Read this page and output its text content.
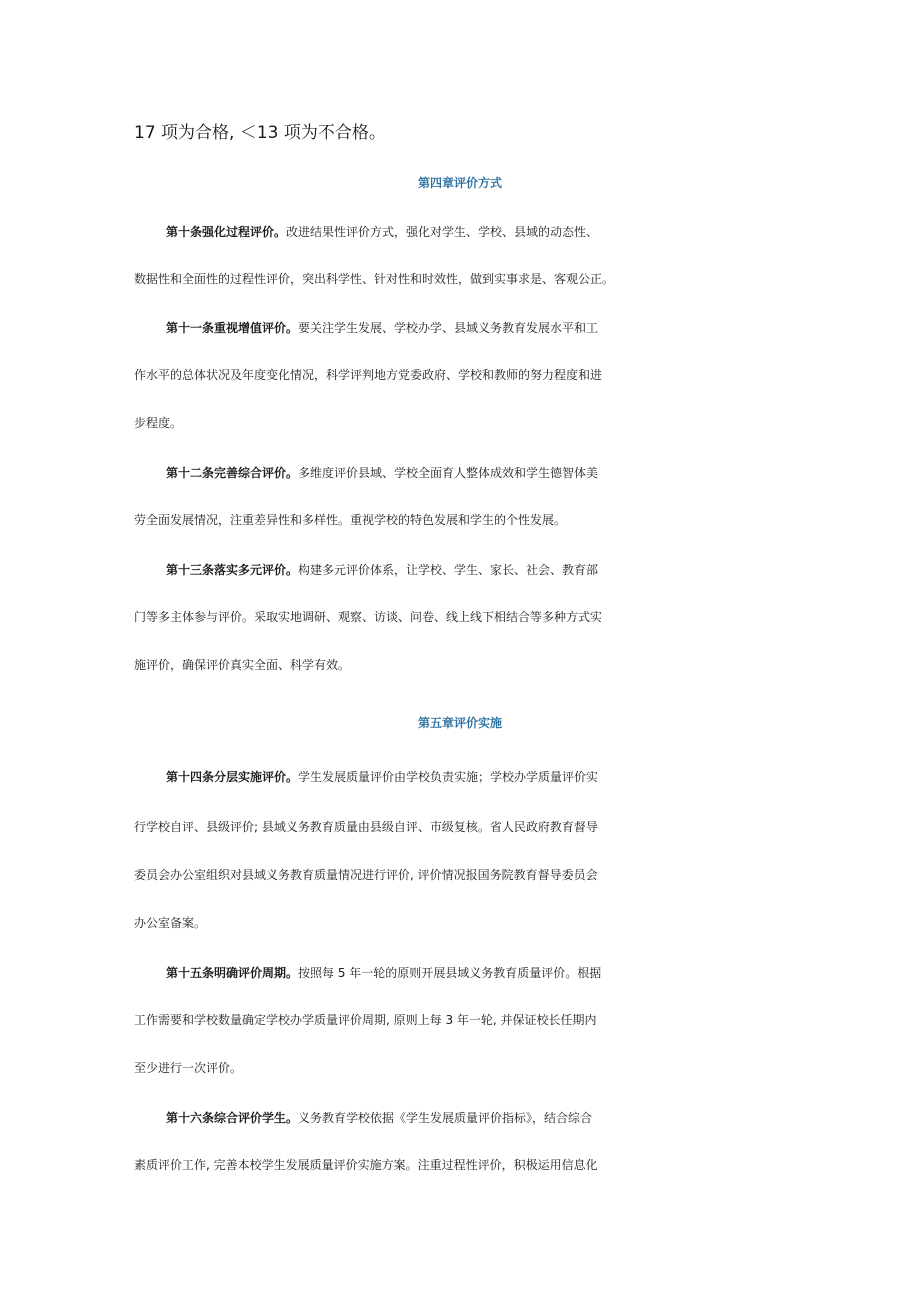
17 项为合格, ＜13 项为不合格。
第四章评价方式
第十条强化过程评价。改进结果性评价方式，强化对学生、学校、县域的动态性、
数据性和全面性的过程性评价，突出科学性、针对性和时效性，做到实事求是、客观公正。
第十一条重视增值评价。要关注学生发展、学校办学、县域义务教育发展水平和工
作水平的总体状况及年度变化情况，科学评判地方党委政府、学校和教师的努力程度和进
步程度。
第十二条完善综合评价。多维度评价县域、学校全面育人整体成效和学生德智体美
劳全面发展情况，注重差异性和多样性。重视学校的特色发展和学生的个性发展。
第十三条落实多元评价。构建多元评价体系，让学校、学生、家长、社会、教育部
门等多主体参与评价。采取实地调研、观察、访谈、问卷、线上线下相结合等多种方式实
施评价，确保评价真实全面、科学有效。
第五章评价实施
第十四条分层实施评价。学生发展质量评价由学校负责实施；学校办学质量评价实
行学校自评、县级评价; 县域义务教育质量由县级自评、市级复核。省人民政府教育督导
委员会办公室组织对县域义务教育质量情况进行评价, 评价情况报国务院教育督导委员会
办公室备案。
第十五条明确评价周期。按照每 5 年一轮的原则开展县域义务教育质量评价。根据
工作需要和学校数量确定学校办学质量评价周期, 原则上每 3 年一轮, 并保证校长任期内
至少进行一次评价。
第十六条综合评价学生。义务教育学校依据《学生发展质量评价指标》，结合综合
素质评价工作, 完善本校学生发展质量评价实施方案。注重过程性评价，积极运用信息化
